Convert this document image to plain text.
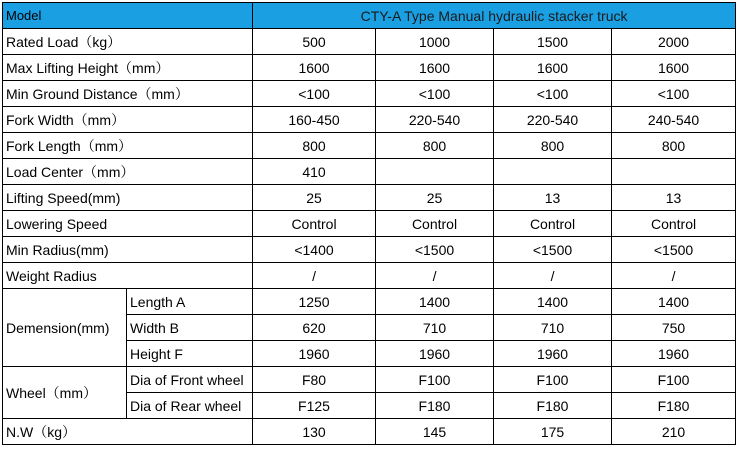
Model		CTY-A Type Manual hydraulic stacker truck			
Rated Load（kg）		500	1000	1500	2000
Max Lifting Height（mm）		1600	1600	1600	1600
Min Ground Distance（mm）		<100	<100	<100	<100
Fork Width（mm）		160-450	220-540	220-540	240-540
Fork Length（mm）		800	800	800	800
Load Center（mm）		410			
Lifting Speed(mm)		25	25	13	13
Lowering Speed		Control	Control	Control	Control
Min Radius(mm)		<1400	<1500	<1500	<1500
Weight Radius		/	/	/	/
Demension(mm)	Length A	1250	1400	1400	1400
	Width B	620	710	710	750
	Height F	1960	1960	1960	1960
Wheel（mm）	Dia of Front wheel	F80	F100	F100	F100
	Dia of Rear wheel	F125	F180	F180	F180
N.W（kg）		130	145	175	210
